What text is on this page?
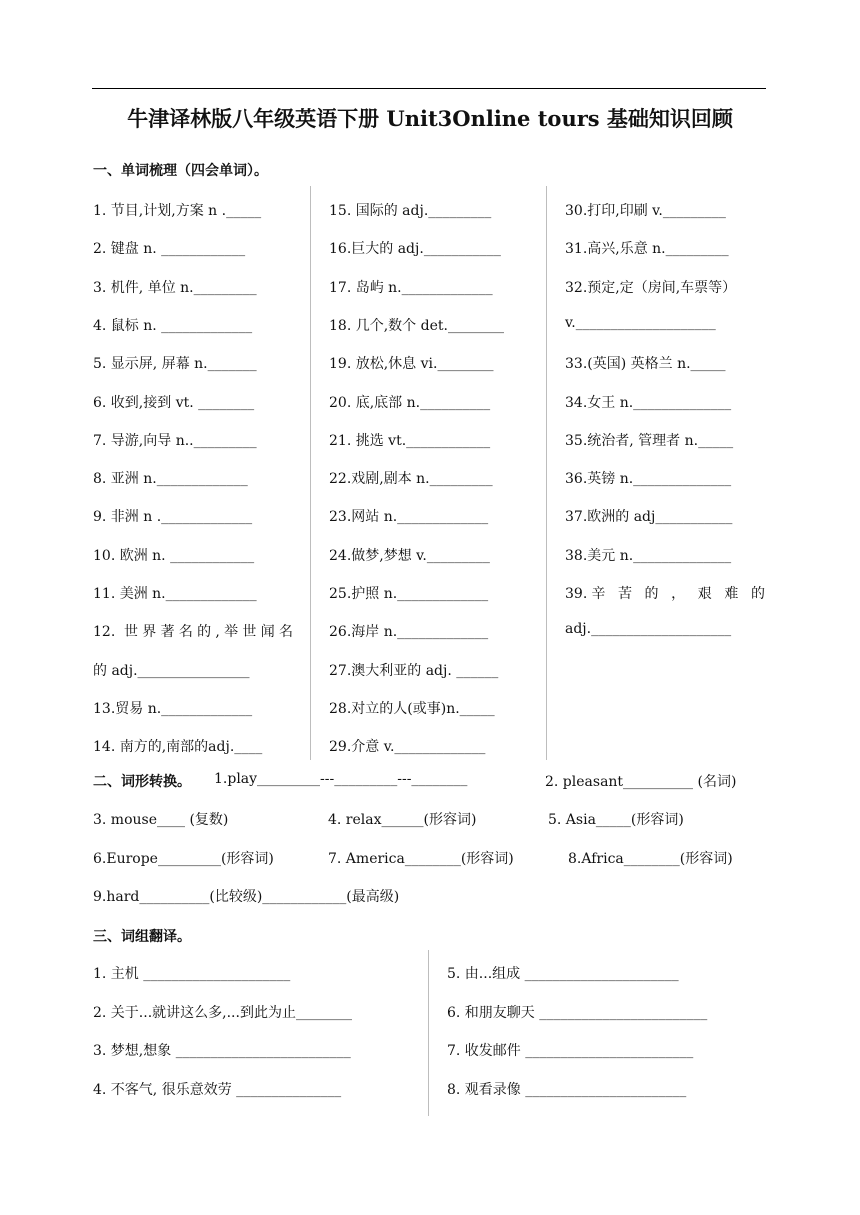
牛津译林版八年级英语下册 Unit3Online tours 基础知识回顾
一、单词梳理（四会单词）。
1. 节目,计划,方案 n ._____
2. 键盘 n. ____________
3. 机件, 单位 n._________
4. 鼠标 n. _____________
5. 显示屏, 屏幕 n._______
6. 收到,接到 vt. ________
7. 导游,向导 n.._________
8. 亚洲 n._____________
9. 非洲 n ._____________
10. 欧洲 n. ____________
11. 美洲 n._____________
12. 世界著名的,举世闻名
的 adj.________________
13.贸易 n._____________
14. 南方的,南部的adj.____
15. 国际的 adj._________
16.巨大的 adj.___________
17. 岛屿 n._____________
18. 几个,数个 det.________
19. 放松,休息 vi.________
20. 底,底部 n.__________
21. 挑选 vt.____________
22.戏剧,剧本 n._________
23.网站 n._____________
24.做梦,梦想 v._________
25.护照 n._____________
26.海岸 n._____________
27.澳大利亚的 adj. ______
28.对立的人(或事)n._____
29.介意 v._____________
30.打印,印刷 v._________
31.高兴,乐意 n._________
32.预定,定（房间,车票等）
v.____________________
33.(英国) 英格兰 n._____
34.女王 n.______________
35.统治者, 管理者 n._____
36.英镑 n.______________
37.欧洲的 adj___________
38.美元 n.______________
39.辛 苦 的 ， 艰 难 的
adj.____________________
二、词形转换。 1.play_________---_________---________	2. pleasant__________ (名词)
3. mouse____ (复数)	4. relax______(形容词)	5. Asia_____(形容词)
6.Europe_________(形容词)	7. America________(形容词)	8.Africa________(形容词)
9.hard__________(比较级)____________(最高级)
三、词组翻译。
1. 主机 _____________________
2. 关于...就讲这么多,...到此为止________
3. 梦想,想象 _________________________
4. 不客气, 很乐意效劳 _______________
5. 由...组成 ______________________
6. 和朋友聊天 ________________________
7. 收发邮件 ________________________
8. 观看录像 _______________________
